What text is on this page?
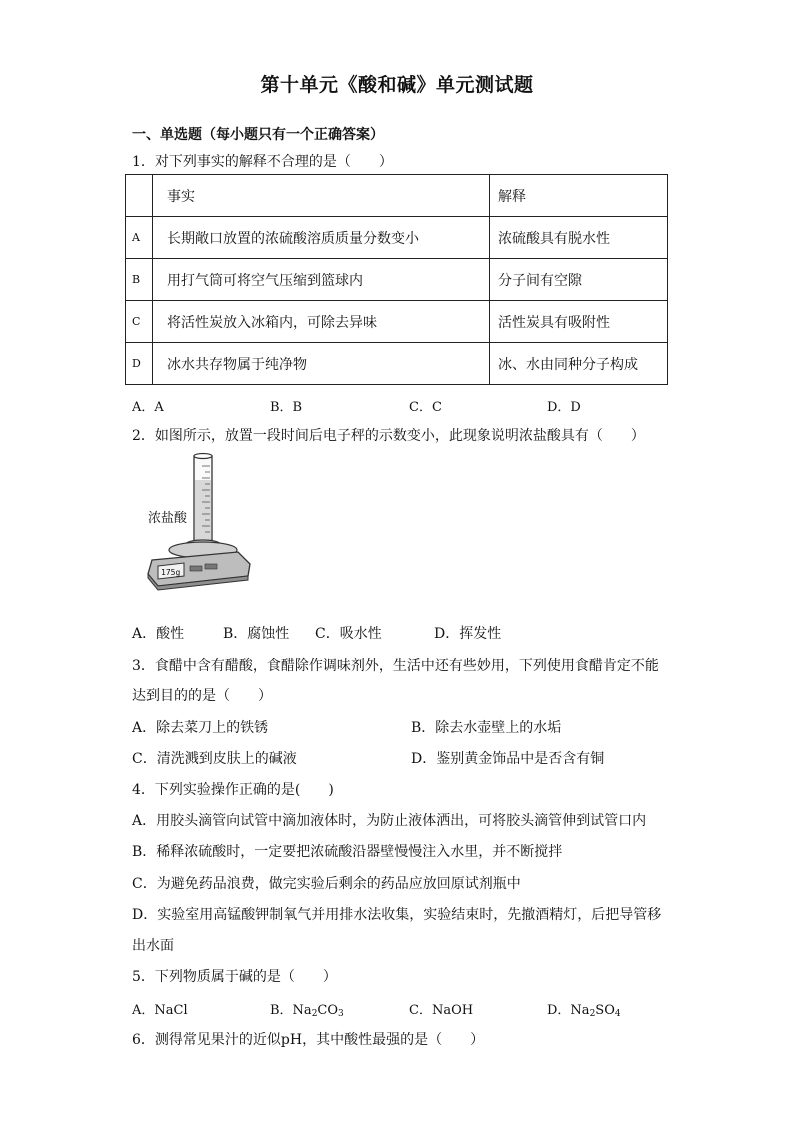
第十单元《酸和碱》单元测试题
一、单选题（每小题只有一个正确答案）
1．对下列事实的解释不合理的是（　　）
	事实	解释
A	长期敞口放置的浓硫酸溶质质量分数变小	浓硫酸具有脱水性
B	用打气筒可将空气压缩到篮球内	分子间有空隙
C	将活性炭放入冰箱内，可除去异味	活性炭具有吸附性
D	冰水共存物属于纯净物	冰、水由同种分子构成
A．A	B．B	C．C	D．D
2．如图所示，放置一段时间后电子秤的示数变小，此现象说明浓盐酸具有（　　）
浓盐酸
175g
A．酸性	B．腐蚀性 C．吸水性	D．挥发性
3．食醋中含有醋酸，食醋除作调味剂外，生活中还有些妙用，下列使用食醋肯定不能
达到目的的是（　　）
A．除去菜刀上的铁锈	B．除去水壶壁上的水垢
C．清洗溅到皮肤上的碱液	D．鉴别黄金饰品中是否含有铜
4．下列实验操作正确的是(　　)
A．用胶头滴管向试管中滴加液体时，为防止液体洒出，可将胶头滴管伸到试管口内
B．稀释浓硫酸时，一定要把浓硫酸沿器壁慢慢注入水里，并不断搅拌
C．为避免药品浪费，做完实验后剩余的药品应放回原试剂瓶中
D．实验室用高锰酸钾制氧气并用排水法收集，实验结束时，先撤酒精灯，后把导管移
出水面
5．下列物质属于碱的是（　　）
A．NaCl	B．$Na_2CO_3$	C．NaOH	D．$Na_2SO_4$
6．测得常见果汁的近似pH，其中酸性最强的是（　　）
